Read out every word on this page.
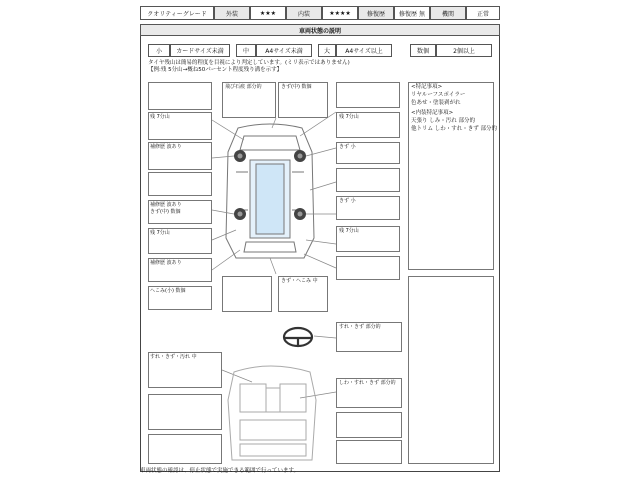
クオリティーグレード	外装	★★★	内装	★★★★	修復歴	修復歴 無	機関	正常
車両状態の説明
小	カードサイズ未満	中	A4サイズ未満	大	A4サイズ以上	数個	2個以上
タイヤ残山は簡易的程度を目視により判定しています。(ミリ表示ではありません)
【例:残 5分山→概ね50パーセント程度残り溝を示す】
飛び石痕 部分的	きず(中) 数個
残 7分山
補修歴 波あり
補修歴 波あり
きず(中) 数個
残 7分山
補修歴 波あり
へこみ(小) 数個
残 7分山
きず 小
きず 小
残 7分山
きず・へこみ 中
すれ・きず 部分的
すれ・きず・汚れ 中
しわ・すれ・きず 部分的
<特記事項>
リヤルーフスポイラー
色あせ・塗装剥がれ
<内装特記事項>
天張り しみ・汚れ 部分的
他トリム しわ・すれ・きず 部分的
車両状態の確認は、停止状態で実施できる範囲で行っています。
